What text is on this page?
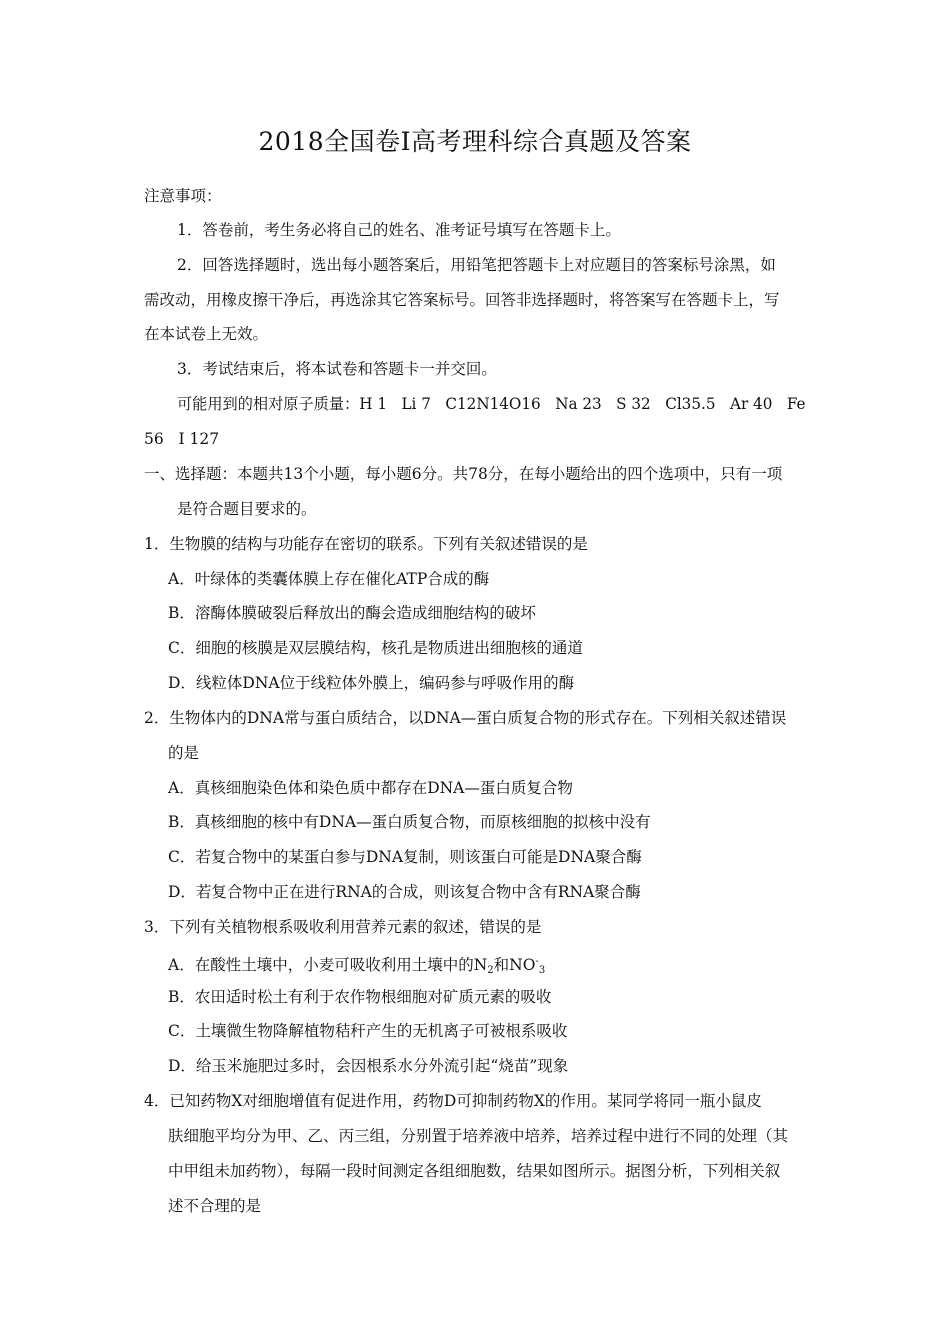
2018全国卷Ⅰ高考理科综合真题及答案
注意事项：
1．答卷前，考生务必将自己的姓名、准考证号填写在答题卡上。
2．回答选择题时，选出每小题答案后，用铅笔把答题卡上对应题目的答案标号涂黑，如
需改动，用橡皮擦干净后，再选涂其它答案标号。回答非选择题时，将答案写在答题卡上，写
在本试卷上无效。
3．考试结束后，将本试卷和答题卡一并交回。
可能用到的相对原子质量：H 1   Li 7   C12N14O16   Na 23   S 32   Cl35.5   Ar 40   Fe
56   I 127
一、选择题：本题共13个小题，每小题6分。共78分，在每小题给出的四个选项中，只有一项
是符合题目要求的。
1．生物膜的结构与功能存在密切的联系。下列有关叙述错误的是
A．叶绿体的类囊体膜上存在催化ATP合成的酶
B．溶酶体膜破裂后释放出的酶会造成细胞结构的破坏
C．细胞的核膜是双层膜结构，核孔是物质进出细胞核的通道
D．线粒体DNA位于线粒体外膜上，编码参与呼吸作用的酶
2．生物体内的DNA常与蛋白质结合，以DNA—蛋白质复合物的形式存在。下列相关叙述错误
的是
A．真核细胞染色体和染色质中都存在DNA—蛋白质复合物
B．真核细胞的核中有DNA—蛋白质复合物，而原核细胞的拟核中没有
C．若复合物中的某蛋白参与DNA复制，则该蛋白可能是DNA聚合酶
D．若复合物中正在进行RNA的合成，则该复合物中含有RNA聚合酶
3．下列有关植物根系吸收利用营养元素的叙述，错误的是
A．在酸性土壤中，小麦可吸收利用土壤中的$N_2$和$NO^-_3$
B．农田适时松土有利于农作物根细胞对矿质元素的吸收
C．土壤微生物降解植物秸秆产生的无机离子可被根系吸收
D．给玉米施肥过多时，会因根系水分外流引起“烧苗”现象
4．已知药物X对细胞增值有促进作用，药物D可抑制药物X的作用。某同学将同一瓶小鼠皮
肤细胞平均分为甲、乙、丙三组，分别置于培养液中培养，培养过程中进行不同的处理（其
中甲组未加药物），每隔一段时间测定各组细胞数，结果如图所示。据图分析，下列相关叙
述不合理的是
